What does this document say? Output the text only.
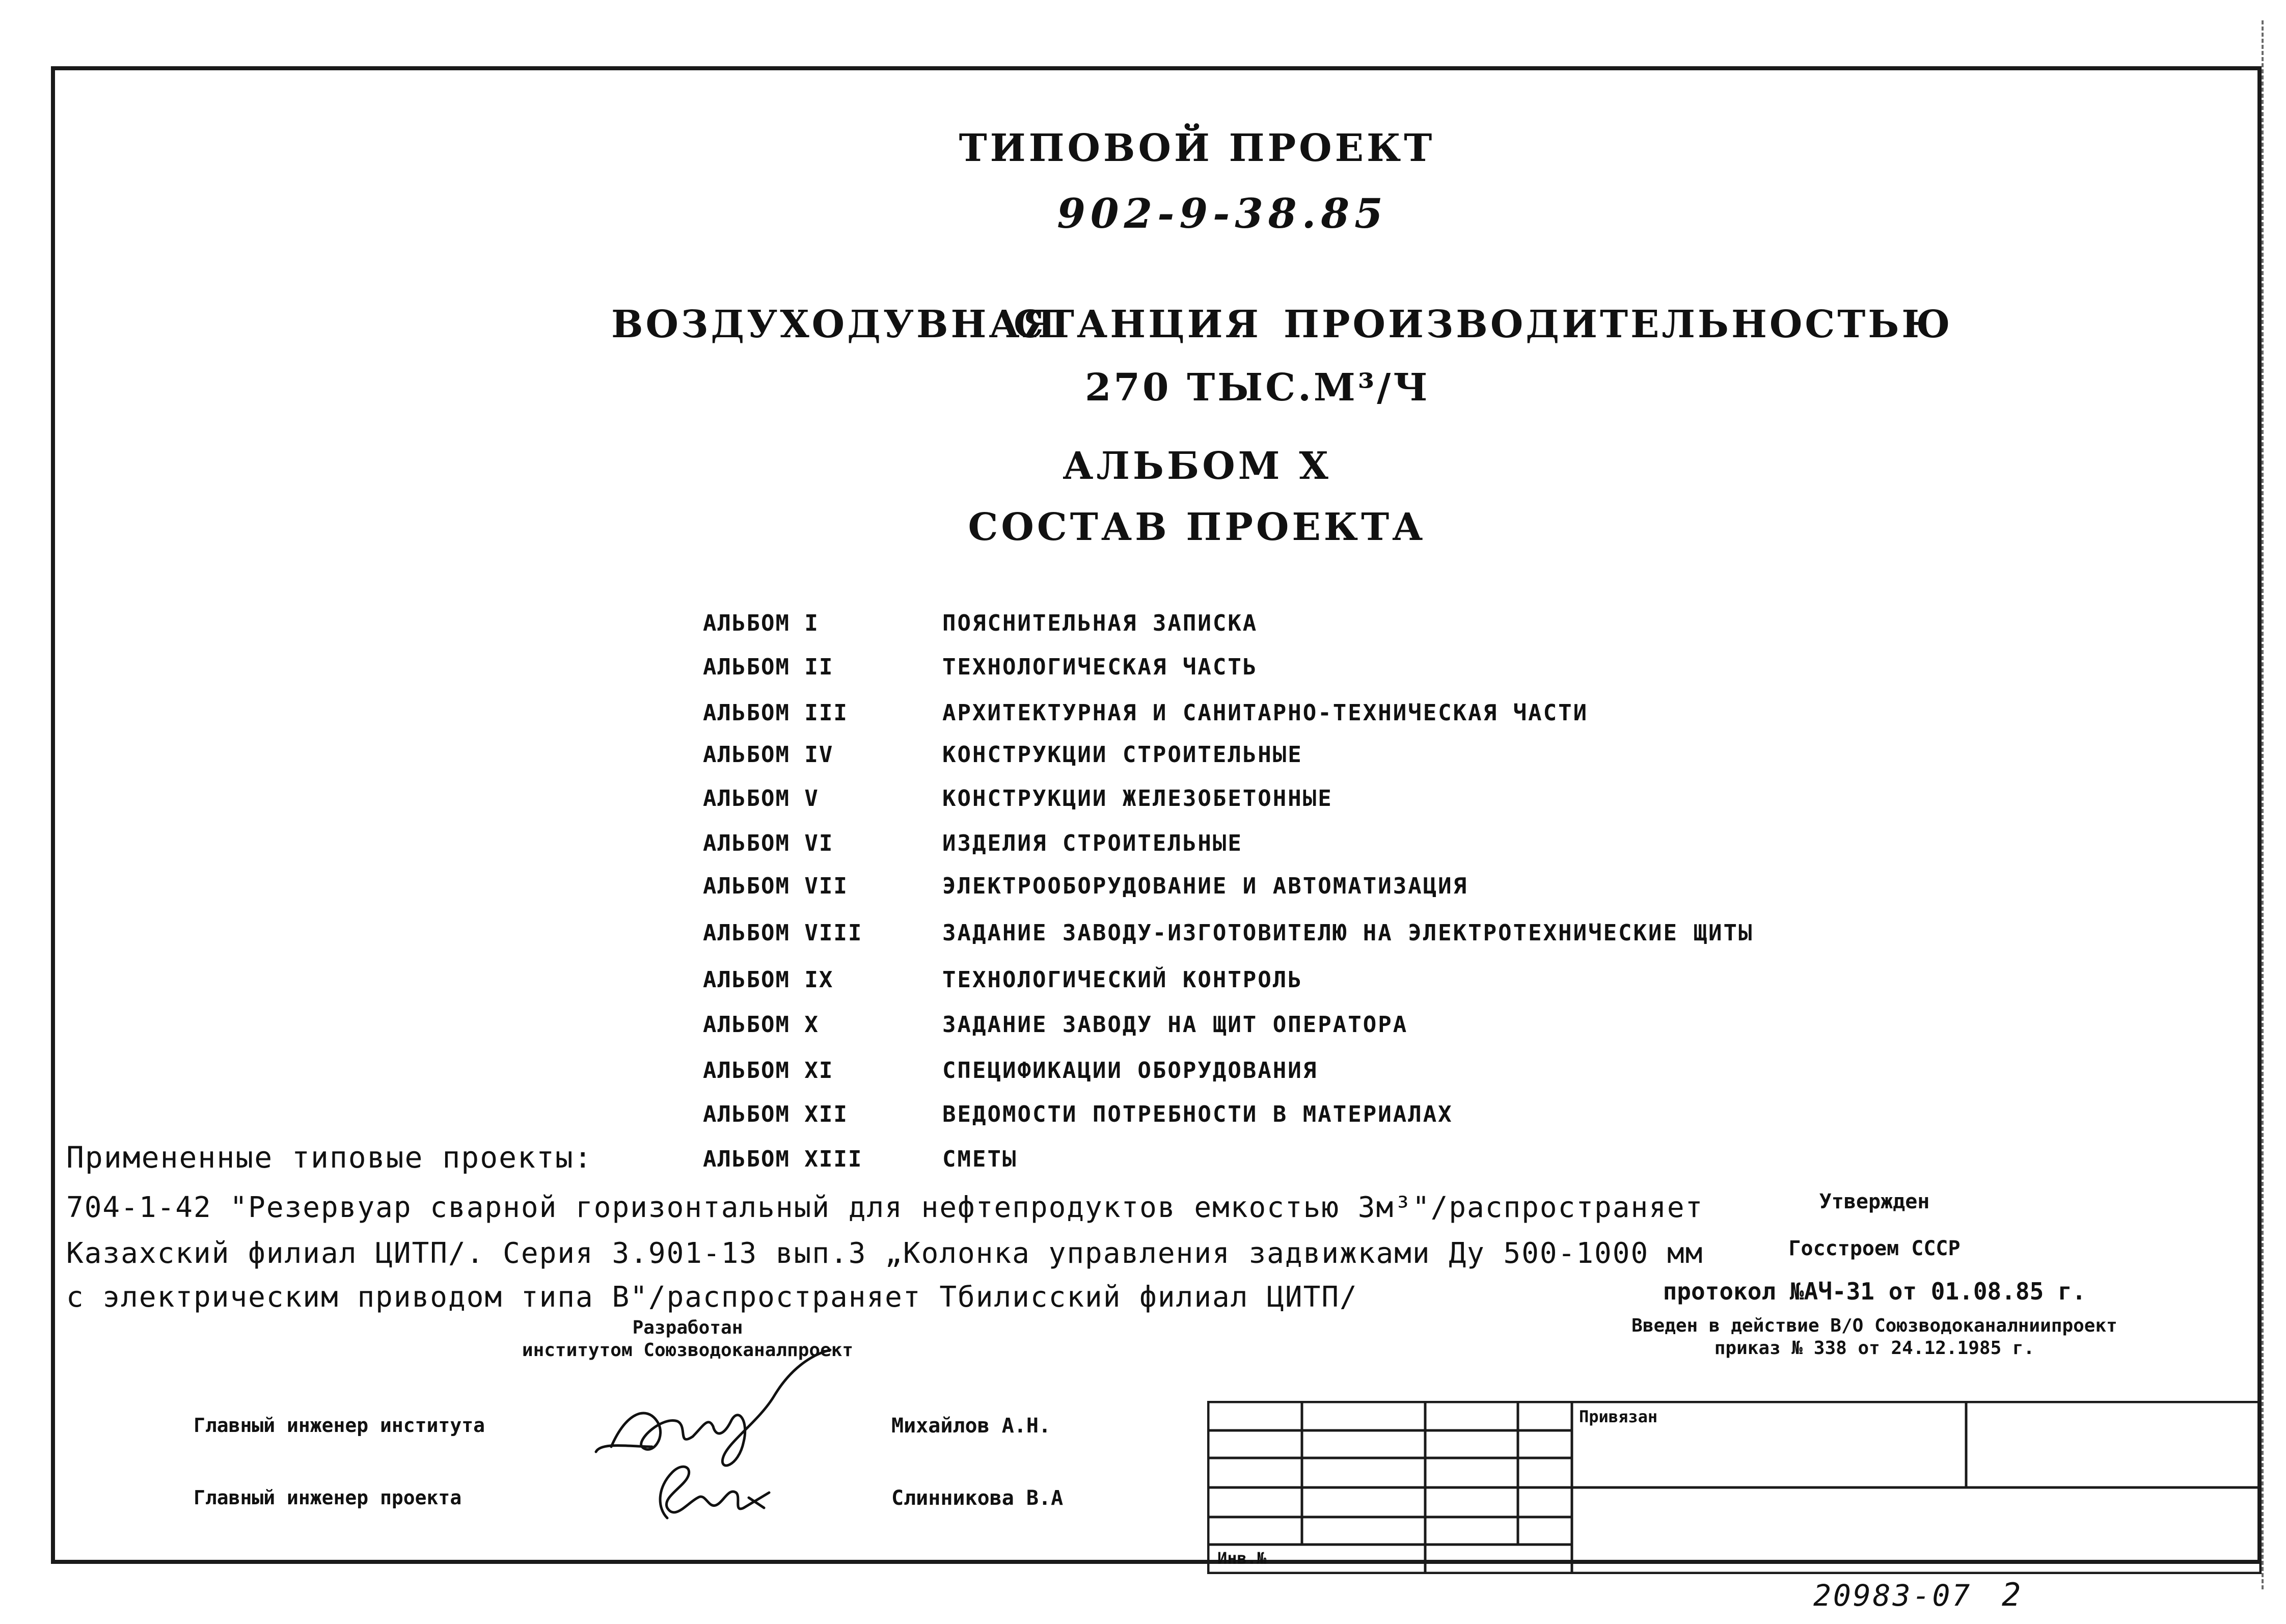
ТИПОВОЙ ПРОЕКТ
902-9-38.85
ВОЗДУХОДУВНАЯ
СТАНЦИЯ ПРОИЗВОДИТЕЛЬНОСТЬЮ
270 ТЫС.М³/Ч
АЛЬБОМ X
СОСТАВ ПРОЕКТА
АЛЬБОМ I	ПОЯСНИТЕЛЬНАЯ ЗАПИСКА
АЛЬБОМ II	ТЕХНОЛОГИЧЕСКАЯ ЧАСТЬ
АЛЬБОМ III	АРХИТЕКТУРНАЯ И САНИТАРНО-ТЕХНИЧЕСКАЯ ЧАСТИ
АЛЬБОМ IV	КОНСТРУКЦИИ СТРОИТЕЛЬНЫЕ
АЛЬБОМ V	КОНСТРУКЦИИ ЖЕЛЕЗОБЕТОННЫЕ
АЛЬБОМ VI	ИЗДЕЛИЯ СТРОИТЕЛЬНЫЕ
АЛЬБОМ VII	ЭЛЕКТРООБОРУДОВАНИЕ И АВТОМАТИЗАЦИЯ
АЛЬБОМ VIII	ЗАДАНИЕ ЗАВОДУ-ИЗГОТОВИТЕЛЮ НА ЭЛЕКТРОТЕХНИЧЕСКИЕ ЩИТЫ
АЛЬБОМ IX	ТЕХНОЛОГИЧЕСКИЙ КОНТРОЛЬ
АЛЬБОМ X	ЗАДАНИЕ ЗАВОДУ НА ЩИТ ОПЕРАТОРА
АЛЬБОМ XI	СПЕЦИФИКАЦИИ ОБОРУДОВАНИЯ
АЛЬБОМ XII	ВЕДОМОСТИ ПОТРЕБНОСТИ В МАТЕРИАЛАХ
АЛЬБОМ XIII	СМЕТЫ
Примененные типовые проекты:
704-1-42 "Резервуар сварной горизонтальный для нефтепродуктов емкостью 3м³"/распространяет
Казахский филиал ЦИТП/. Серия 3.901-13 вып.3 „Колонка управления задвижками Ду 500-1000 мм
с электрическим приводом типа В"/распространяет Тбилисский филиал ЦИТП/
Утвержден
Госстроем СССР
протокол №АЧ-31 от 01.08.85 г.
Введен в действие В/О Союзводоканалниипроект
приказ № 338 от 24.12.1985 г.
Разработан
институтом Союзводоканалпроект
Главный инженер института	Михайлов А.Н.
Главный инженер проекта	Слинникова В.А
Привязан
Инв.№
20983-07 2
